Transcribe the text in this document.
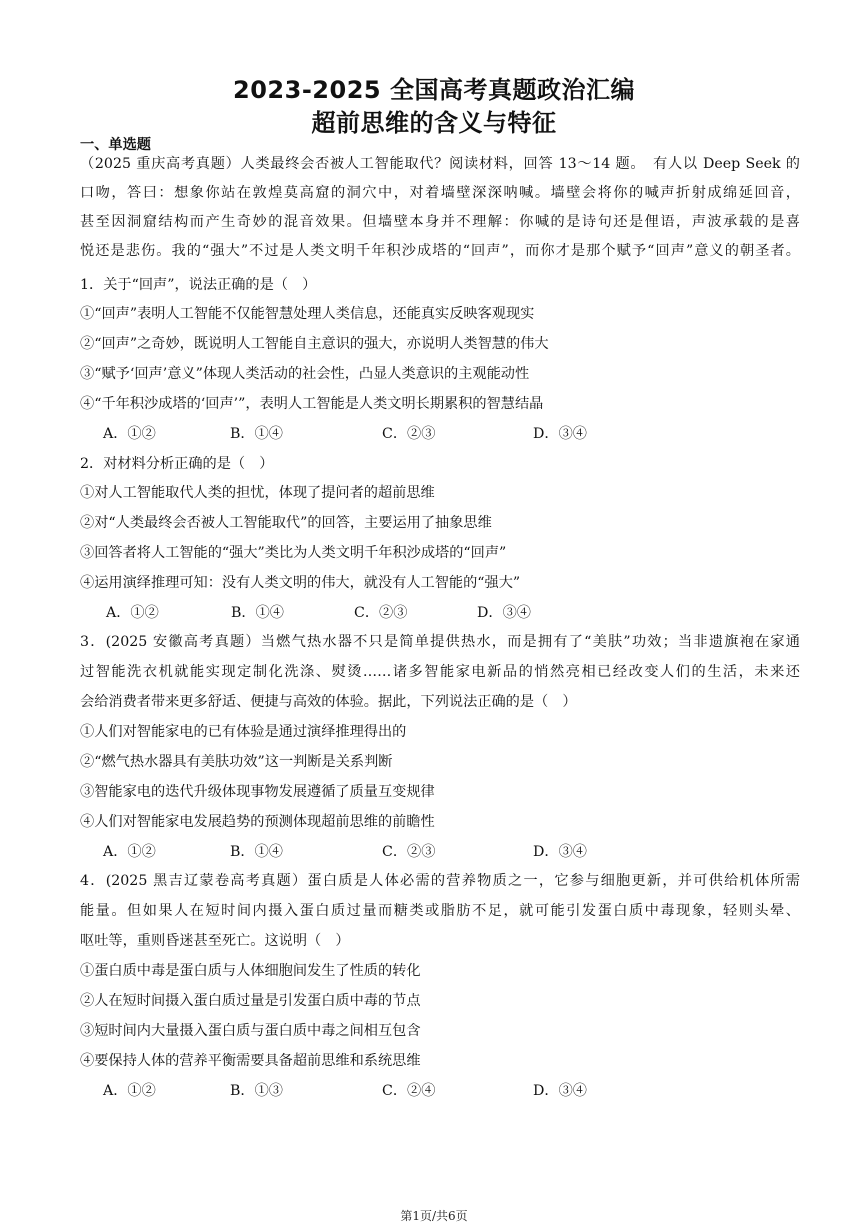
2023-2025 全国高考真题政治汇编
超前思维的含义与特征
一、单选题
（2025 重庆高考真题）人类最终会否被人工智能取代？阅读材料，回答 13～14 题。　有人以 Deep Seek 的
口吻，答曰：想象你站在敦煌莫高窟的洞穴中，对着墙壁深深呐喊。墙壁会将你的喊声折射成绵延回音，
甚至因洞窟结构而产生奇妙的混音效果。但墙壁本身并不理解：你喊的是诗句还是俚语，声波承载的是喜
悦还是悲伤。我的“强大”不过是人类文明千年积沙成塔的“回声”，而你才是那个赋予“回声”意义的朝圣者。
1．关于“回声”，说法正确的是（　）
①“回声”表明人工智能不仅能智慧处理人类信息，还能真实反映客观现实
②“回声”之奇妙，既说明人工智能自主意识的强大，亦说明人类智慧的伟大
③“赋予‘回声’意义”体现人类活动的社会性，凸显人类意识的主观能动性
④“千年积沙成塔的‘回声’”，表明人工智能是人类文明长期累积的智慧结晶
A．①②	B．①④	C．②③	D．③④
2．对材料分析正确的是（　）
①对人工智能取代人类的担忧，体现了提问者的超前思维
②对“人类最终会否被人工智能取代”的回答，主要运用了抽象思维
③回答者将人工智能的“强大”类比为人类文明千年积沙成塔的“回声”
④运用演绎推理可知：没有人类文明的伟大，就没有人工智能的“强大”
A．①②	B．①④	C．②③	D．③④
3．(2025 安徽高考真题）当燃气热水器不只是简单提供热水，而是拥有了“美肤”功效；当非遗旗袍在家通
过智能洗衣机就能实现定制化洗涤、熨烫……诸多智能家电新品的悄然亮相已经改变人们的生活，未来还
会给消费者带来更多舒适、便捷与高效的体验。据此，下列说法正确的是（　）
①人们对智能家电的已有体验是通过演绎推理得出的
②“燃气热水器具有美肤功效”这一判断是关系判断
③智能家电的迭代升级体现事物发展遵循了质量互变规律
④人们对智能家电发展趋势的预测体现超前思维的前瞻性
A．①②	B．①④	C．②③	D．③④
4．(2025 黑吉辽蒙卷高考真题）蛋白质是人体必需的营养物质之一，它参与细胞更新，并可供给机体所需
能量。但如果人在短时间内摄入蛋白质过量而糖类或脂肪不足，就可能引发蛋白质中毒现象，轻则头晕、
呕吐等，重则昏迷甚至死亡。这说明（　）
①蛋白质中毒是蛋白质与人体细胞间发生了性质的转化
②人在短时间摄入蛋白质过量是引发蛋白质中毒的节点
③短时间内大量摄入蛋白质与蛋白质中毒之间相互包含
④要保持人体的营养平衡需要具备超前思维和系统思维
A．①②	B．①③	C．②④	D．③④
第1页/共6页
